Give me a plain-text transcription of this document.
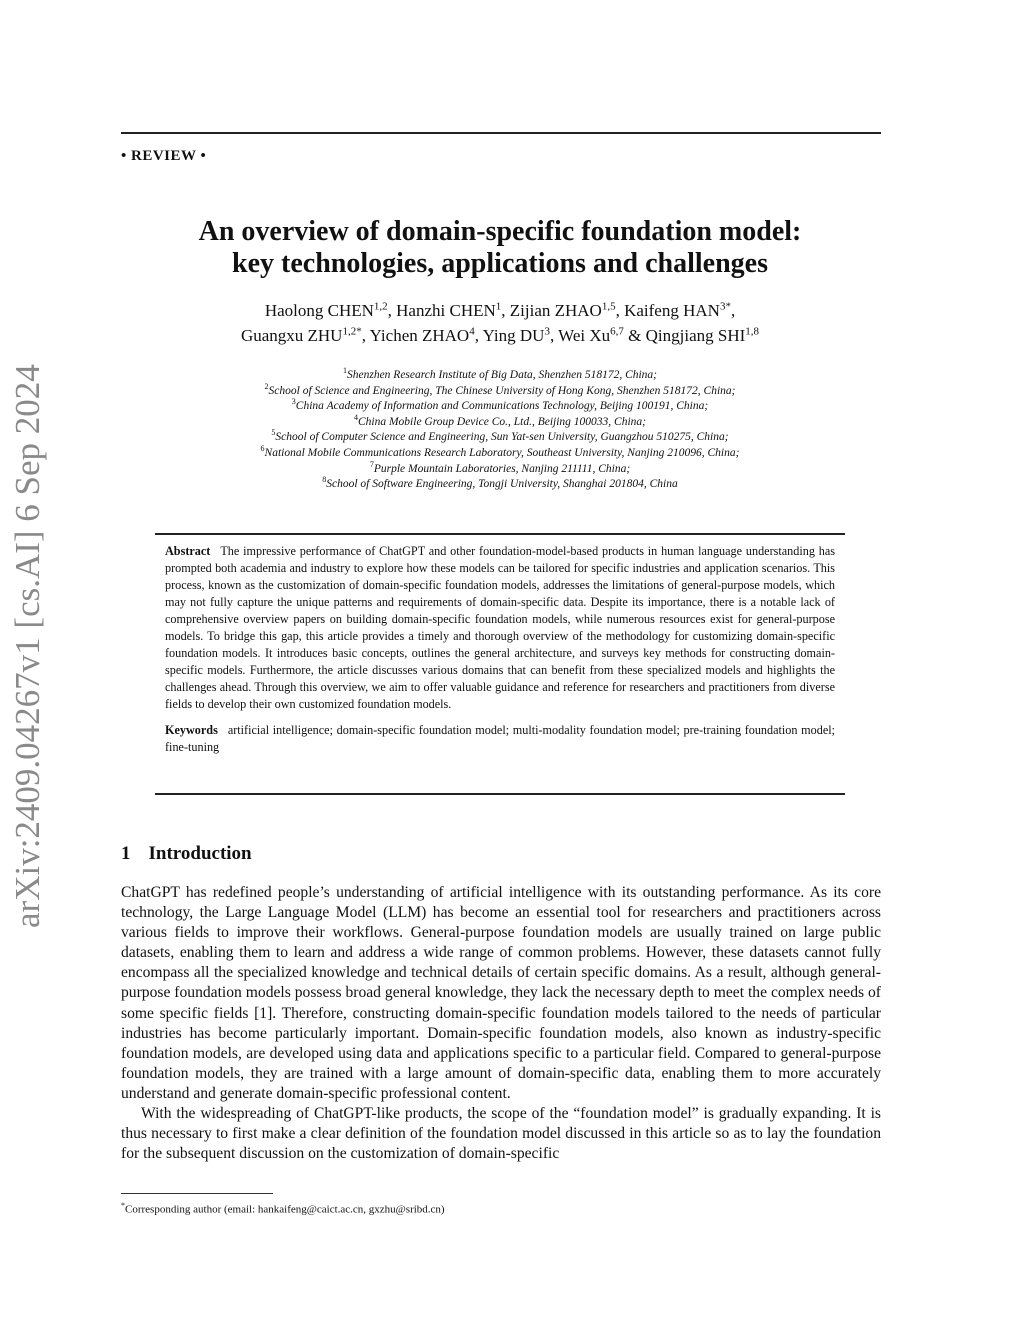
• REVIEW •
arXiv:2409.04267v1 [cs.AI] 6 Sep 2024
An overview of domain-specific foundation model:
key technologies, applications and challenges
Haolong CHEN$^{1,2}$, Hanzhi CHEN$^1$, Zijian ZHAO$^{1,5}$, Kaifeng $HAN^{3*}$,
Guangxu $ZHU^{1,2*}$, Yichen ZHAO$^4$, Ying $DU^3$, Wei Xu$^{6,7}$ & Qingjiang SHI$^{1,8}$
$^1$Shenzhen Research Institute of Big Data, Shenzhen 518172, China;
$^2$School of Science and Engineering, The Chinese University of Hong Kong, Shenzhen 518172, China;
$^3$China Academy of Information and Communications Technology, Beijing 100191, China;
$^4$China Mobile Group Device Co., Ltd., Beijing 100033, China;
$^5$School of Computer Science and Engineering, Sun Yat-sen University, Guangzhou 510275, China;
$^6$National Mobile Communications Research Laboratory, Southeast University, Nanjing 210096, China;
$^7$Purple Mountain Laboratories, Nanjing 211111, China;
$^8$School of Software Engineering, Tongji University, Shanghai 201804, China

Abstract The impressive performance of ChatGPT and other foundation-model-based products in human language understanding has prompted both academia and industry to explore how these models can be tailored for specific industries and application scenarios. This process, known as the customization of domain-specific foundation models, addresses the limitations of general-purpose models, which may not fully capture the unique patterns and requirements of domain-specific data. Despite its importance, there is a notable lack of comprehensive overview papers on building domain-specific foundation models, while numerous resources exist for general-purpose models. To bridge this gap, this article provides a timely and thorough overview of the methodology for customizing domain-specific foundation models. It introduces basic concepts, outlines the general architecture, and surveys key methods for constructing domain-specific models. Furthermore, the article discusses various domains that can benefit from these specialized models and highlights the challenges ahead. Through this overview, we aim to offer valuable guidance and reference for researchers and practitioners from diverse fields to develop their own customized foundation models.

Keywords artificial intelligence; domain-specific foundation model; multi-modality foundation model; pre-training foundation model; fine-tuning

1 Introduction

ChatGPT has redefined people’s understanding of artificial intelligence with its outstanding performance. As its core technology, the Large Language Model (LLM) has become an essential tool for researchers and practitioners across various fields to improve their workflows. General-purpose foundation models are usually trained on large public datasets, enabling them to learn and address a wide range of common problems. However, these datasets cannot fully encompass all the specialized knowledge and technical details of certain specific domains. As a result, although general-purpose foundation models possess broad general knowledge, they lack the necessary depth to meet the complex needs of some specific fields [1]. Therefore, constructing domain-specific foundation models tailored to the needs of particular industries has become particularly important. Domain-specific foundation models, also known as industry-specific foundation models, are developed using data and applications specific to a particular field. Compared to general-purpose foundation models, they are trained with a large amount of domain-specific data, enabling them to more accurately understand and generate domain-specific professional content.

With the widespreading of ChatGPT-like products, the scope of the “foundation model” is gradually expanding. It is thus necessary to first make a clear definition of the foundation model discussed in this article so as to lay the foundation for the subsequent discussion on the customization of domain-specific

*Corresponding author (email: hankaifeng@caict.ac.cn, gxzhu@sribd.cn)
